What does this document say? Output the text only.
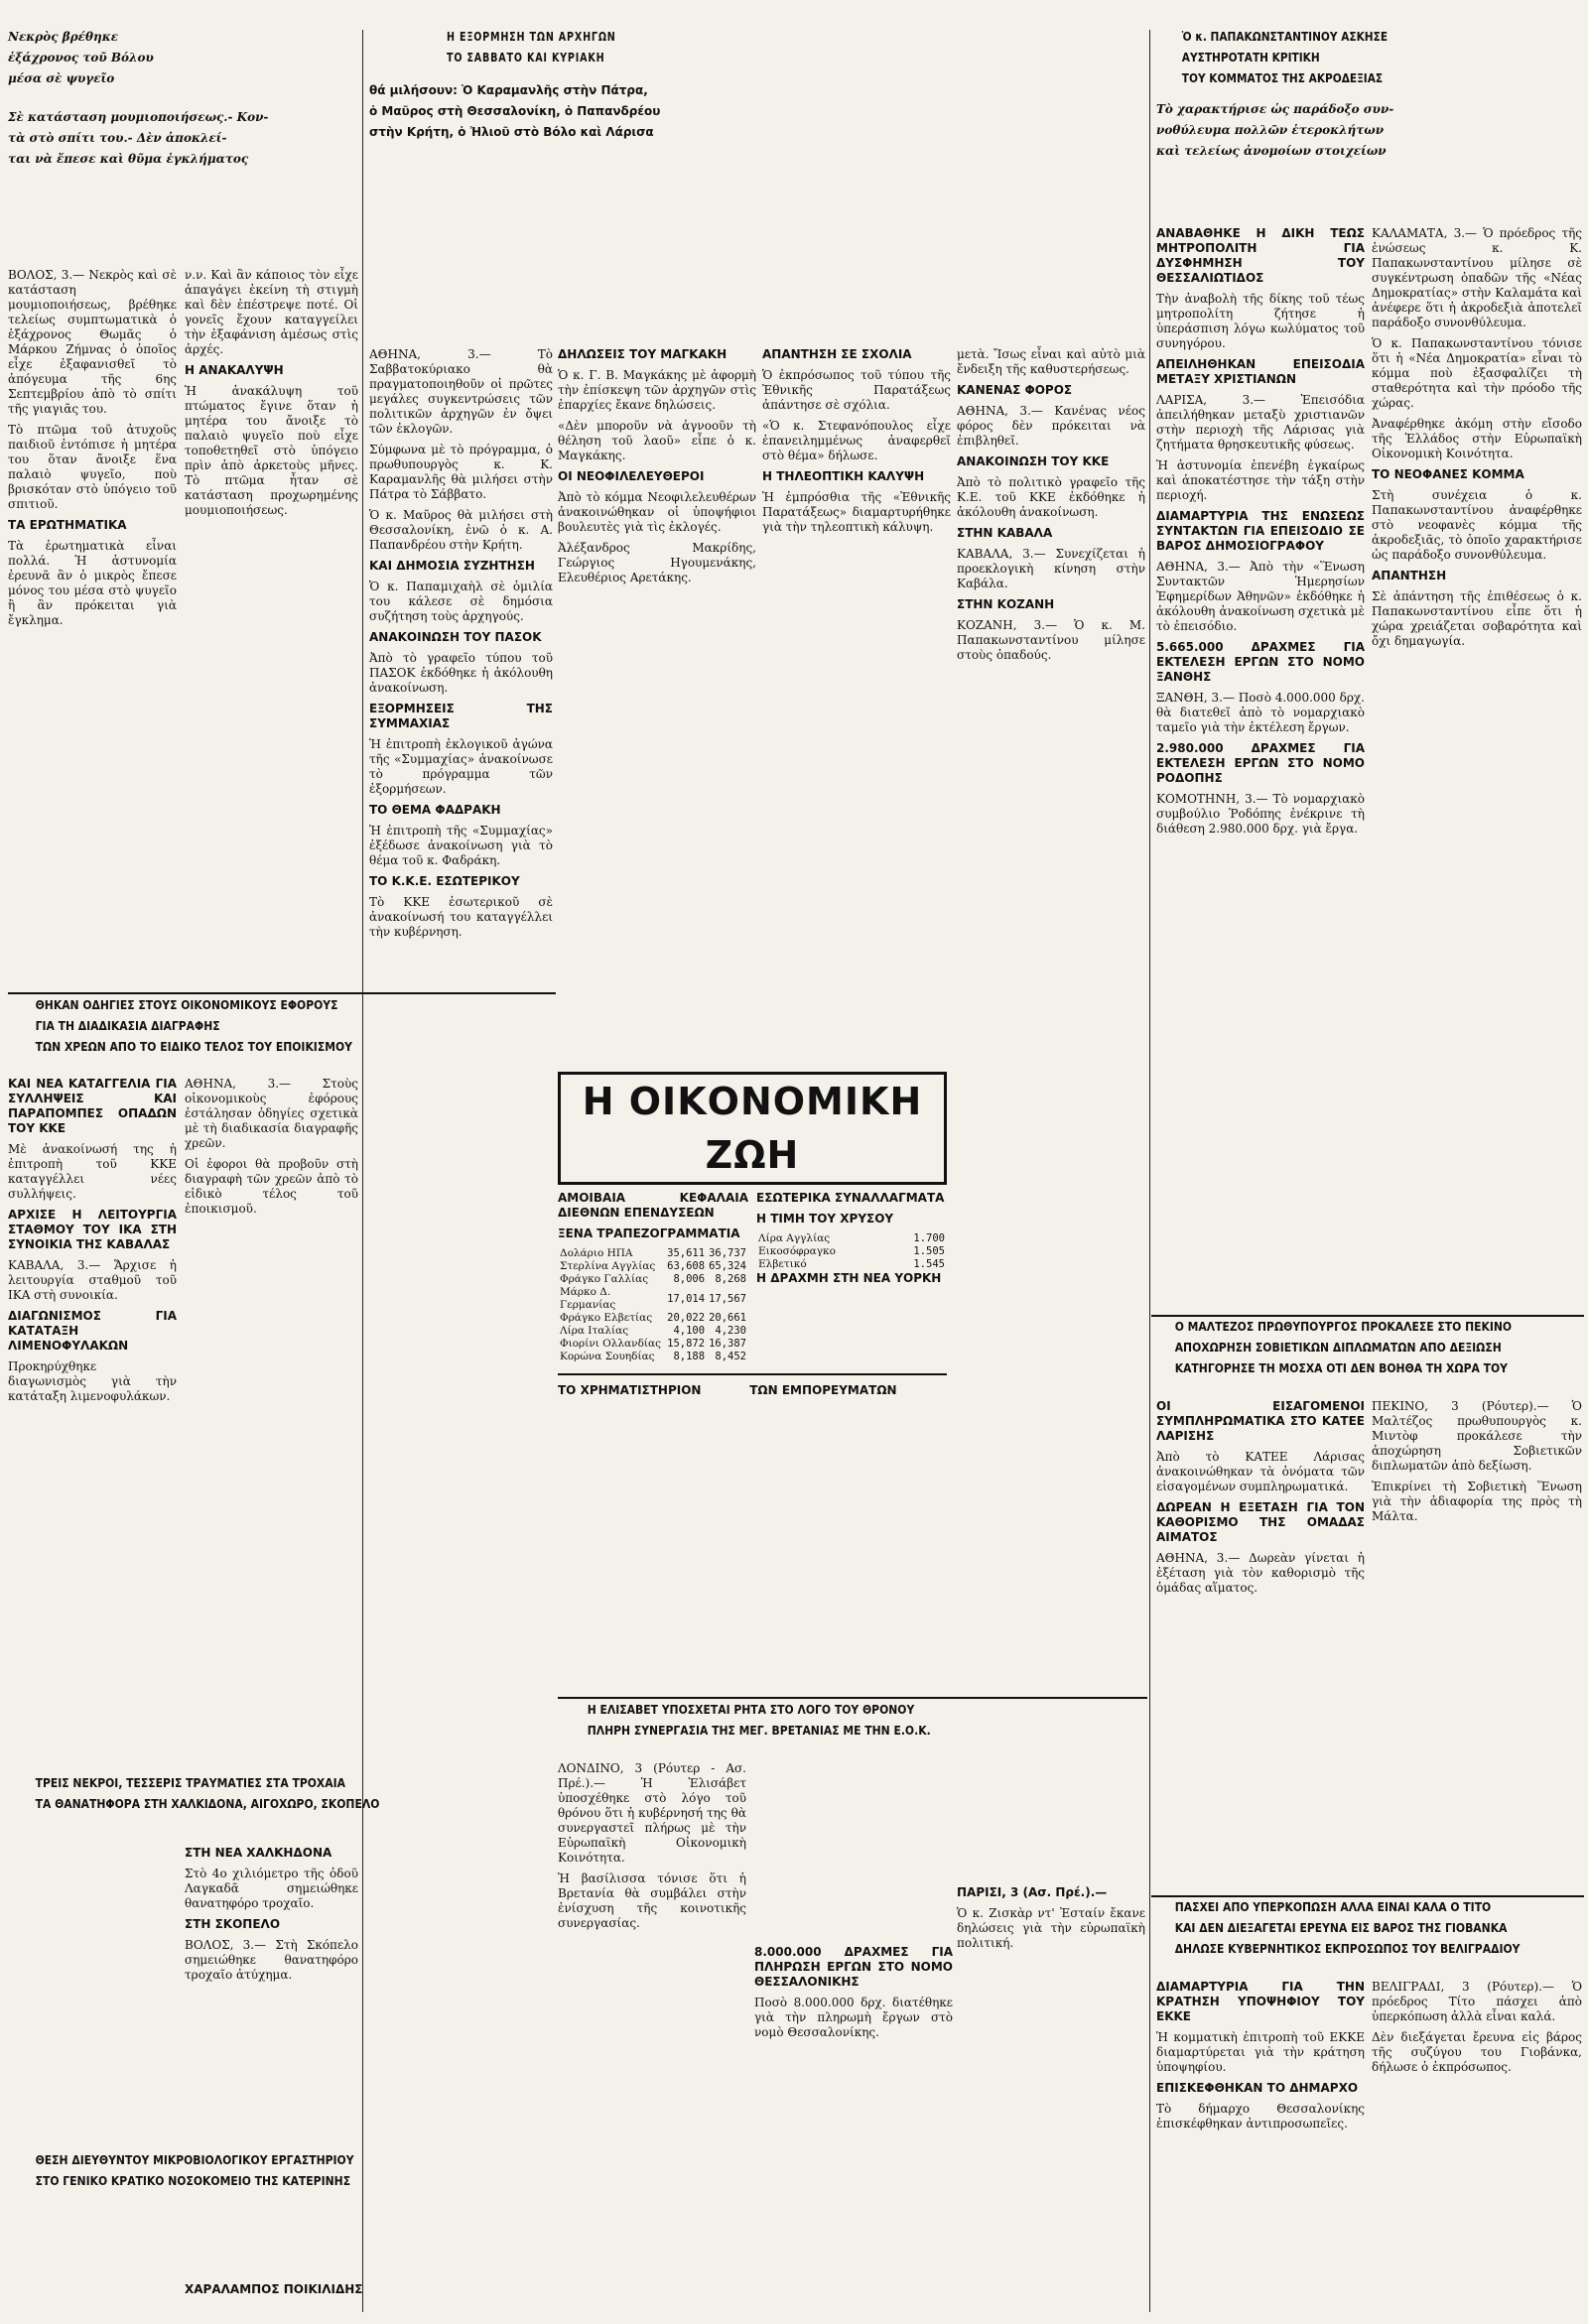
Νεκρὸς βρέθηκε

ἑξάχρονος τοῦ Βόλου

μέσα σὲ ψυγεῖο

Σὲ κατάσταση μουμιοποιήσεως.- Κον-

τὰ στὸ σπίτι του.- Δὲν ἀποκλεί-

ται νὰ ἔπεσε καὶ θῦμα ἐγκλήματος

ΒΟΛΟΣ, 3.— Νεκρὸς καὶ σὲ κατάσταση μουμιοποιήσεως, βρέθηκε τελείως συμπτωματικὰ ὁ ἑξάχρονος Θωμᾶς ὁ Μάρκου Ζήμνας ὁ ὁποῖος εἶχε ἐξαφανισθεῖ τὸ ἀπόγευμα τῆς 6ης Σεπτεμβρίου ἀπὸ τὸ σπίτι τῆς γιαγιᾶς του.

Τὸ πτῶμα τοῦ ἀτυχοῦς παιδιοῦ ἐντόπισε ἡ μητέρα του ὅταν ἄνοιξε ἕνα παλαιὸ ψυγεῖο, ποὺ βρισκόταν στὸ ὑπόγειο τοῦ σπιτιοῦ.

ΤΑ ΕΡΩΤΗΜΑΤΙΚΑ

Τὰ ἐρωτηματικὰ εἶναι πολλά. Ἡ ἀστυνομία ἐρευνᾶ ἂν ὁ μικρὸς ἔπεσε μόνος του μέσα στὸ ψυγεῖο ἢ ἂν πρόκειται γιὰ ἔγκλημα.

ν.ν. Καὶ ἂν κάποιος τὸν εἶχε ἀπαγάγει ἐκείνη τὴ στιγμὴ καὶ δὲν ἐπέστρεψε ποτέ. Οἱ γονεῖς ἔχουν καταγγείλει τὴν ἐξαφάνιση ἀμέσως στὶς ἀρχές.

Η ΑΝΑΚΑΛΥΨΗ

Ἡ ἀνακάλυψη τοῦ πτώματος ἔγινε ὅταν ἡ μητέρα του ἄνοιξε τὸ παλαιὸ ψυγεῖο ποὺ εἶχε τοποθετηθεῖ στὸ ὑπόγειο πρὶν ἀπὸ ἀρκετοὺς μῆνες. Τὸ πτῶμα ἦταν σὲ κατάσταση προχωρημένης μουμιοποιήσεως.

Η ΕΞΟΡΜΗΣΗ ΤΩΝ ΑΡΧΗΓΩΝ

ΤΟ ΣΑΒΒΑΤΟ ΚΑΙ ΚΥΡΙΑΚΗ

θά μιλήσουν: Ὁ Καραμανλῆς στὴν Πάτρα,

ὁ Μαῦρος στὴ Θεσσαλονίκη, ὁ Παπανδρέου

στὴν Κρήτη, ὁ Ἠλιοῦ στὸ Βόλο καὶ Λάρισα

Ὁ κ. ΠΑΠΑΚΩΝΣΤΑΝΤΙΝΟΥ ΑΣΚΗΣΕ

ΑΥΣΤΗΡΟΤΑΤΗ ΚΡΙΤΙΚΗ

ΤΟΥ ΚΟΜΜΑΤΟΣ ΤΗΣ ΑΚΡΟΔΕΞΙΑΣ

Τὸ χαρακτήρισε ὡς παράδοξο συν-

νοθύλευμα πολλῶν ἑτεροκλήτων

καὶ τελείως ἀνομοίων στοιχείων

ΑΝΑΒΑΘΗΚΕ Η ΔΙΚΗ ΤΕΩΣ ΜΗΤΡΟΠΟΛΙΤΗ ΓΙΑ ΔΥΣΦΗΜΗΣΗ ΤΟΥ ΘΕΣΣΑΛΙΩΤΙΔΟΣ

Τὴν ἀναβολὴ τῆς δίκης τοῦ τέως μητροπολίτη ζήτησε ἡ ὑπεράσπιση λόγω κωλύματος τοῦ συνηγόρου.

ΑΠΕΙΛΗΘΗΚΑΝ ΕΠΕΙΣΟΔΙΑ ΜΕΤΑΞΥ ΧΡΙΣΤΙΑΝΩΝ

ΛΑΡΙΣΑ, 3.— Ἐπεισόδια ἀπειλήθηκαν μεταξὺ χριστιανῶν στὴν περιοχὴ τῆς Λάρισας γιὰ ζητήματα θρησκευτικῆς φύσεως.

Ἡ ἀστυνομία ἐπενέβη ἐγκαίρως καὶ ἀποκατέστησε τὴν τάξη στὴν περιοχή.

ΔΙΑΜΑΡΤΥΡΙΑ ΤΗΣ ΕΝΩΣΕΩΣ ΣΥΝΤΑΚΤΩΝ ΓΙΑ ΕΠΕΙΣΟΔΙΟ ΣΕ ΒΑΡΟΣ ΔΗΜΟΣΙΟΓΡΑΦΟΥ

ΑΘΗΝΑ, 3.— Ἀπὸ τὴν «Ἕνωση Συντακτῶν Ἡμερησίων Ἐφημερίδων Ἀθηνῶν» ἐκδόθηκε ἡ ἀκόλουθη ἀνακοίνωση σχετικὰ μὲ τὸ ἐπεισόδιο.

5.665.000 ΔΡΑΧΜΕΣ ΓΙΑ ΕΚΤΕΛΕΣΗ ΕΡΓΩΝ ΣΤΟ ΝΟΜΟ ΞΑΝΘΗΣ

ΞΑΝΘΗ, 3.— Ποσὸ 4.000.000 δρχ. θὰ διατεθεῖ ἀπὸ τὸ νομαρχιακὸ ταμεῖο γιὰ τὴν ἐκτέλεση ἔργων.

2.980.000 ΔΡΑΧΜΕΣ ΓΙΑ ΕΚΤΕΛΕΣΗ ΕΡΓΩΝ ΣΤΟ ΝΟΜΟ ΡΟΔΟΠΗΣ

ΚΟΜΟΤΗΝΗ, 3.— Τὸ νομαρχιακὸ συμβούλιο Ῥοδόπης ἐνέκρινε τὴ διάθεση 2.980.000 δρχ. γιὰ ἔργα.

ΚΑΛΑΜΑΤΑ, 3.— Ὁ πρόεδρος τῆς ἑνώσεως κ. Κ. Παπακωνσταντίνου μίλησε σὲ συγκέντρωση ὀπαδῶν τῆς «Νέας Δημοκρατίας» στὴν Καλαμάτα καὶ ἀνέφερε ὅτι ἡ ἀκροδεξιὰ ἀποτελεῖ παράδοξο συνονθύλευμα.

Ὁ κ. Παπακωνσταντίνου τόνισε ὅτι ἡ «Νέα Δημοκρατία» εἶναι τὸ κόμμα ποὺ ἐξασφαλίζει τὴ σταθερότητα καὶ τὴν πρόοδο τῆς χώρας.

Ἀναφέρθηκε ἀκόμη στὴν εἴσοδο τῆς Ἑλλάδος στὴν Εὐρωπαϊκὴ Οἰκονομικὴ Κοινότητα.

ΤΟ ΝΕΟΦΑΝΕΣ ΚΟΜΜΑ

Στὴ συνέχεια ὁ κ. Παπακωνσταντίνου ἀναφέρθηκε στὸ νεοφανὲς κόμμα τῆς ἀκροδεξιᾶς, τὸ ὁποῖο χαρακτήρισε ὡς παράδοξο συνονθύλευμα.

ΑΠΑΝΤΗΣΗ

Σὲ ἀπάντηση τῆς ἐπιθέσεως ὁ κ. Παπακωνσταντίνου εἶπε ὅτι ἡ χώρα χρειάζεται σοβαρότητα καὶ ὄχι δημαγωγία.

ΑΘΗΝΑ, 3.— Τὸ Σαββατοκύριακο θὰ πραγματοποιηθοῦν οἱ πρῶτες μεγάλες συγκεντρώσεις τῶν πολιτικῶν ἀρχηγῶν ἐν ὄψει τῶν ἐκλογῶν.

Σύμφωνα μὲ τὸ πρόγραμμα, ὁ πρωθυπουργὸς κ. Κ. Καραμανλῆς θὰ μιλήσει στὴν Πάτρα τὸ Σάββατο.

Ὁ κ. Μαῦρος θὰ μιλήσει στὴ Θεσσαλονίκη, ἐνῶ ὁ κ. Α. Παπανδρέου στὴν Κρήτη.

ΚΑΙ ΔΗΜΟΣΙΑ ΣΥΖΗΤΗΣΗ

Ὁ κ. Παπαμιχαὴλ σὲ ὁμιλία του κάλεσε σὲ δημόσια συζήτηση τοὺς ἀρχηγούς.

ΑΝΑΚΟΙΝΩΣΗ ΤΟΥ ΠΑΣΟΚ

Ἀπὸ τὸ γραφεῖο τύπου τοῦ ΠΑΣΟΚ ἐκδόθηκε ἡ ἀκόλουθη ἀνακοίνωση.

ΕΞΟΡΜΗΣΕΙΣ ΤΗΣ ΣΥΜΜΑΧΙΑΣ

Ἡ ἐπιτροπὴ ἐκλογικοῦ ἀγώνα τῆς «Συμμαχίας» ἀνακοίνωσε τὸ πρόγραμμα τῶν ἐξορμήσεων.

ΤΟ ΘΕΜΑ ΦΑΔΡΑΚΗ

Ἡ ἐπιτροπὴ τῆς «Συμμαχίας» ἐξέδωσε ἀνακοίνωση γιὰ τὸ θέμα τοῦ κ. Φαδράκη.

ΤΟ Κ.Κ.Ε. ΕΣΩΤΕΡΙΚΟΥ

Τὸ ΚΚΕ ἐσωτερικοῦ σὲ ἀνακοίνωσή του καταγγέλλει τὴν κυβέρνηση.

ΔΗΛΩΣΕΙΣ ΤΟΥ ΜΑΓΚΑΚΗ

Ὁ κ. Γ. Β. Μαγκάκης μὲ ἀφορμὴ τὴν ἐπίσκεψη τῶν ἀρχηγῶν στὶς ἐπαρχίες ἔκανε δηλώσεις.

«Δὲν μποροῦν νὰ ἀγνοοῦν τὴ θέληση τοῦ λαοῦ» εἶπε ὁ κ. Μαγκάκης.

ΟΙ ΝΕΟΦΙΛΕΛΕΥΘΕΡΟΙ

Ἀπὸ τὸ κόμμα Νεοφιλελευθέρων ἀνακοινώθηκαν οἱ ὑποψήφιοι βουλευτὲς γιὰ τὶς ἐκλογές.

Ἀλέξανδρος Μακρίδης, Γεώργιος Ηγουμενάκης, Ελευθέριος Αρετάκης.

ΑΠΑΝΤΗΣΗ ΣΕ ΣΧΟΛΙΑ

Ὁ ἐκπρόσωπος τοῦ τύπου τῆς Ἐθνικῆς Παρατάξεως ἀπάντησε σὲ σχόλια.

«Ὁ κ. Στεφανόπουλος εἶχε ἐπανειλημμένως ἀναφερθεῖ στὸ θέμα» δήλωσε.

Η ΤΗΛΕΟΠΤΙΚΗ ΚΑΛΥΨΗ

Ἡ ἐμπρόσθια τῆς «Ἐθνικῆς Παρατάξεως» διαμαρτυρήθηκε γιὰ τὴν τηλεοπτικὴ κάλυψη.

μετὰ. Ἴσως εἶναι καὶ αὐτὸ μιὰ ἔνδειξη τῆς καθυστερήσεως.

ΚΑΝΕΝΑΣ ΦΟΡΟΣ

ΑΘΗΝΑ, 3.— Κανένας νέος φόρος δὲν πρόκειται νὰ ἐπιβληθεῖ.

ΑΝΑΚΟΙΝΩΣΗ ΤΟΥ ΚΚΕ

Ἀπὸ τὸ πολιτικὸ γραφεῖο τῆς Κ.Ε. τοῦ ΚΚΕ ἐκδόθηκε ἡ ἀκόλουθη ἀνακοίνωση.

ΣΤΗΝ ΚΑΒΑΛΑ

ΚΑΒΑΛΑ, 3.— Συνεχίζεται ἡ προεκλογικὴ κίνηση στὴν Καβάλα.

ΣΤΗΝ ΚΟΖΑΝΗ

ΚΟΖΑΝΗ, 3.— Ὁ κ. Μ. Παπακωνσταντίνου μίλησε στοὺς ὀπαδούς.

Η ΟΙΚΟΝΟΜΙΚΗ ΖΩΗ

ΑΜΟΙΒΑΙΑ ΚΕΦΑΛΑΙΑ ΔΙΕΘΝΩΝ ΕΠΕΝΔΥΣΕΩΝ

ΞΕΝΑ ΤΡΑΠΕΖΟΓΡΑΜΜΑΤΙΑ

Δολάριο ΗΠΑ	35,611	36,737
Στερλίνα Αγγλίας	63,608	65,324
Φράγκο Γαλλίας	8,006	8,268
Μάρκο Δ. Γερμανίας	17,014	17,567
Φράγκο Ελβετίας	20,022	20,661
Λίρα Ιταλίας	4,100	4,230
Φιορίνι Ολλανδίας	15,872	16,387
Κορώνα Σουηδίας	8,188	8,452

ΕΣΩΤΕΡΙΚΑ ΣΥΝΑΛΛΑΓΜΑΤΑ

Η ΤΙΜΗ ΤΟΥ ΧΡΥΣΟΥ

Λίρα Αγγλίας	1.700
Εικοσόφραγκο	1.505
Ελβετικό	1.545

Η ΔΡΑΧΜΗ ΣΤΗ ΝΕΑ ΥΟΡΚΗ

ΤΟ ΧΡΗΜΑΤΙΣΤΗΡΙΟΝ

	ΤΩΝ ΕΜΠΟΡΕΥΜΑΤΩΝ

ΘΗΚΑΝ ΟΔΗΓΙΕΣ ΣΤΟΥΣ ΟΙΚΟΝΟΜΙΚΟΥΣ ΕΦΟΡΟΥΣ

ΓΙΑ ΤΗ ΔΙΑΔΙΚΑΣΙΑ ΔΙΑΓΡΑΦΗΣ

ΤΩΝ ΧΡΕΩΝ ΑΠΟ ΤΟ ΕΙΔΙΚΟ ΤΕΛΟΣ ΤΟΥ ΕΠΟΙΚΙΣΜΟΥ

ΚΑΙ ΝΕΑ ΚΑΤΑΓΓΕΛΙΑ ΓΙΑ ΣΥΛΛΗΨΕΙΣ ΚΑΙ ΠΑΡΑΠΟΜΠΕΣ ΟΠΑΔΩΝ ΤΟΥ ΚΚΕ

Μὲ ἀνακοίνωσή της ἡ ἐπιτροπὴ τοῦ ΚΚΕ καταγγέλλει νέες συλλήψεις.

ΑΡΧΙΣΕ Η ΛΕΙΤΟΥΡΓΙΑ ΣΤΑΘΜΟΥ ΤΟΥ ΙΚΑ ΣΤΗ ΣΥΝΟΙΚΙΑ ΤΗΣ ΚΑΒΑΛΑΣ

ΚΑΒΑΛΑ, 3.— Ἄρχισε ἡ λειτουργία σταθμοῦ τοῦ ΙΚΑ στὴ συνοικία.

ΔΙΑΓΩΝΙΣΜΟΣ ΓΙΑ ΚΑΤΑΤΑΞΗ ΛΙΜΕΝΟΦΥΛΑΚΩΝ

Προκηρύχθηκε διαγωνισμὸς γιὰ τὴν κατάταξη λιμενοφυλάκων.

ΑΘΗΝΑ, 3.— Στοὺς οἰκονομικοὺς ἐφόρους ἐστάλησαν ὁδηγίες σχετικὰ μὲ τὴ διαδικασία διαγραφῆς χρεῶν.

Οἱ ἐφοροι θὰ προβοῦν στὴ διαγραφὴ τῶν χρεῶν ἀπὸ τὸ εἰδικὸ τέλος τοῦ ἐποικισμοῦ.

ΤΡΕΙΣ ΝΕΚΡΟΙ, ΤΕΣΣΕΡΙΣ ΤΡΑΥΜΑΤΙΕΣ ΣΤΑ ΤΡΟΧΑΙΑ

ΤΑ ΘΑΝΑΤΗΦΟΡΑ ΣΤΗ ΧΑΛΚΙΔΟΝΑ, ΑΙΓΟΧΩΡΟ, ΣΚΟΠΕΛΟ

ΣΤΗ ΝΕΑ ΧΑΛΚΗΔΟΝΑ

Στὸ 4ο χιλιόμετρο τῆς ὁδοῦ Λαγκαδᾶ σημειώθηκε θανατηφόρο τροχαῖο.

ΣΤΗ ΣΚΟΠΕΛΟ

ΒΟΛΟΣ, 3.— Στὴ Σκόπελο σημειώθηκε θανατηφόρο τροχαῖο ἀτύχημα.

ΘΕΣΗ ΔΙΕΥΘΥΝΤΟΥ ΜΙΚΡΟΒΙΟΛΟΓΙΚΟΥ ΕΡΓΑΣΤΗΡΙΟΥ

ΣΤΟ ΓΕΝΙΚΟ ΚΡΑΤΙΚΟ ΝΟΣΟΚΟΜΕΙΟ ΤΗΣ ΚΑΤΕΡΙΝΗΣ

ΧΑΡΑΛΑΜΠΟΣ ΠΟΙΚΙΛΙΔΗΣ

Η ΕΛΙΣΑΒΕΤ ΥΠΟΣΧΕΤΑΙ ΡΗΤΑ ΣΤΟ ΛΟΓΟ ΤΟΥ ΘΡΟΝΟΥ

ΠΛΗΡΗ ΣΥΝΕΡΓΑΣΙΑ ΤΗΣ ΜΕΓ. ΒΡΕΤΑΝΙΑΣ ΜΕ ΤΗΝ Ε.Ο.Κ.

ΛΟΝΔΙΝΟ, 3 (Ρόυτερ - Ασ. Πρέ.).— Ἡ Ἐλισάβετ ὑποσχέθηκε στὸ λόγο τοῦ θρόνου ὅτι ἡ κυβέρνησή της θὰ συνεργαστεῖ πλήρως μὲ τὴν Εὐρωπαϊκὴ Οἰκονομικὴ Κοινότητα.

Ἡ βασίλισσα τόνισε ὅτι ἡ Βρετανία θὰ συμβάλει στὴν ἐνίσχυση τῆς κοινοτικῆς συνεργασίας.

8.000.000 ΔΡΑΧΜΕΣ ΓΙΑ ΠΛΗΡΩΣΗ ΕΡΓΩΝ ΣΤΟ ΝΟΜΟ ΘΕΣΣΑΛΟΝΙΚΗΣ

Ποσὸ 8.000.000 δρχ. διατέθηκε γιὰ τὴν πληρωμὴ ἔργων στὸ νομὸ Θεσσαλονίκης.

ΠΑΡΙΣΙ, 3 (Ασ. Πρέ.).—

Ὁ κ. Ζισκὰρ ντ' Ἐσταίν ἔκανε δηλώσεις γιὰ τὴν εὐρωπαϊκὴ πολιτική.

Ο ΜΑΛΤΕΖΟΣ ΠΡΩΘΥΠΟΥΡΓΟΣ ΠΡΟΚΑΛΕΣΕ ΣΤΟ ΠΕΚΙΝΟ

ΑΠΟΧΩΡΗΣΗ ΣΟΒΙΕΤΙΚΩΝ ΔΙΠΛΩΜΑΤΩΝ ΑΠΟ ΔΕΞΙΩΣΗ

ΚΑΤΗΓΟΡΗΣΕ ΤΗ ΜΟΣΧΑ ΟΤΙ ΔΕΝ ΒΟΗΘΑ ΤΗ ΧΩΡΑ ΤΟΥ

ΟΙ ΕΙΣΑΓΟΜΕΝΟΙ ΣΥΜΠΛΗΡΩΜΑΤΙΚΑ ΣΤΟ ΚΑΤΕΕ ΛΑΡΙΣΗΣ

Ἀπὸ τὸ ΚΑΤΕΕ Λάρισας ἀνακοινώθηκαν τὰ ὀνόματα τῶν εἰσαγομένων συμπληρωματικά.

ΔΩΡΕΑΝ Η ΕΞΕΤΑΣΗ ΓΙΑ ΤΟΝ ΚΑΘΟΡΙΣΜΟ ΤΗΣ ΟΜΑΔΑΣ ΑΙΜΑΤΟΣ

ΑΘΗΝΑ, 3.— Δωρεὰν γίνεται ἡ ἐξέταση γιὰ τὸν καθορισμὸ τῆς ὁμάδας αἵματος.

ΠΕΚΙΝΟ, 3 (Ρόυτερ).— Ὁ Μαλτέζος πρωθυπουργὸς κ. Μιντὸφ προκάλεσε τὴν ἀποχώρηση Σοβιετικῶν διπλωματῶν ἀπὸ δεξίωση.

Ἐπικρίνει τὴ Σοβιετικὴ Ἕνωση γιὰ τὴν ἀδιαφορία της πρὸς τὴ Μάλτα.

ΠΑΣΧΕΙ ΑΠΟ ΥΠΕΡΚΟΠΩΣΗ ΑΛΛΑ ΕΙΝΑΙ ΚΑΛΑ Ο ΤΙΤΟ

ΚΑΙ ΔΕΝ ΔΙΕΞΑΓΕΤΑΙ ΕΡΕΥΝΑ ΕΙΣ ΒΑΡΟΣ ΤΗΣ ΓΙΟΒΑΝΚΑ

ΔΗΛΩΣΕ ΚΥΒΕΡΝΗΤΙΚΟΣ ΕΚΠΡΟΣΩΠΟΣ ΤΟΥ ΒΕΛΙΓΡΑΔΙΟΥ

ΔΙΑΜΑΡΤΥΡΙΑ ΓΙΑ ΤΗΝ ΚΡΑΤΗΣΗ ΥΠΟΨΗΦΙΟΥ ΤΟΥ ΕΚΚΕ

Ἡ κομματικὴ ἐπιτροπὴ τοῦ ΕΚΚΕ διαμαρτύρεται γιὰ τὴν κράτηση ὑποψηφίου.

ΕΠΙΣΚΕΦΘΗΚΑΝ ΤΟ ΔΗΜΑΡΧΟ

Τὸ δήμαρχο Θεσσαλονίκης ἐπισκέφθηκαν ἀντιπροσωπεῖες.

ΒΕΛΙΓΡΑΔΙ, 3 (Ρόυτερ).— Ὁ πρόεδρος Τίτο πάσχει ἀπὸ ὑπερκόπωση ἀλλὰ εἶναι καλά.

Δὲν διεξάγεται ἔρευνα εἰς βάρος τῆς συζύγου του Γιοβάνκα, δήλωσε ὁ ἐκπρόσωπος.
